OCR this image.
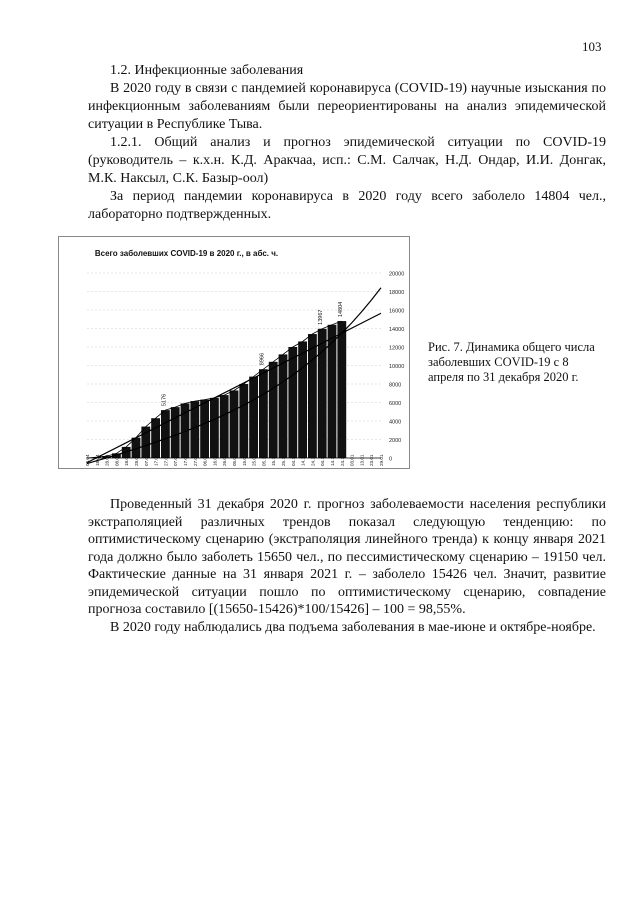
103

1.2. Инфекционные заболевания

В 2020 году в связи с пандемией коронавируса (COVID-19) научные изыскания по инфекционным заболеваниям были переориентированы на анализ эпидемической ситуации в Республике Тыва.

1.2.1. Общий анализ и прогноз эпидемической ситуации по COVID-19 (руководитель – к.х.н. К.Д. Аракчаа, исп.: С.М. Салчак, Н.Д. Ондар, И.И. Донгак, М.К. Наксыл, С.К. Базыр-оол)

За период пандемии коронавируса в 2020 году всего заболело 14804 чел., лабораторно подтвержденных.

Всего заболевших COVID-19 в 2020 г., в абс. ч.
0
2000
4000
6000
8000
10000
12000
14000
16000
18000
20000
5176
8966
13967
14804
08.04 18.04 28.04 08.05 18.05 28.05 07.06 17.06 27.06 07.07 17.07 27.07 06.08 16.08 26.08 05.09 15.09 25.09 05.10 15.10 25.10 04.11 14.11 24.11 04.12 14.12 24.12 03.01 13.01 23.01 29.01
Рис. 7. Динамика общего числа заболевших COVID-19 с 8 апреля по 31 декабря 2020 г.

Проведенный 31 декабря 2020 г. прогноз заболеваемости населения республики экстраполяцией различных трендов показал следующую тенденцию: по оптимистическому сценарию (экстраполяция линейного тренда) к концу января 2021 года должно было заболеть 15650 чел., по пессимистическому сценарию – 19150 чел. Фактические данные на 31 января 2021 г. – заболело 15426 чел. Значит, развитие эпидемической ситуации пошло по оптимистическому сценарию, совпадение прогноза составило [(15650-15426)*100/15426] – 100 = 98,55%.

В 2020 году наблюдались два подъема заболевания в мае-июне и октябре-ноябре.
